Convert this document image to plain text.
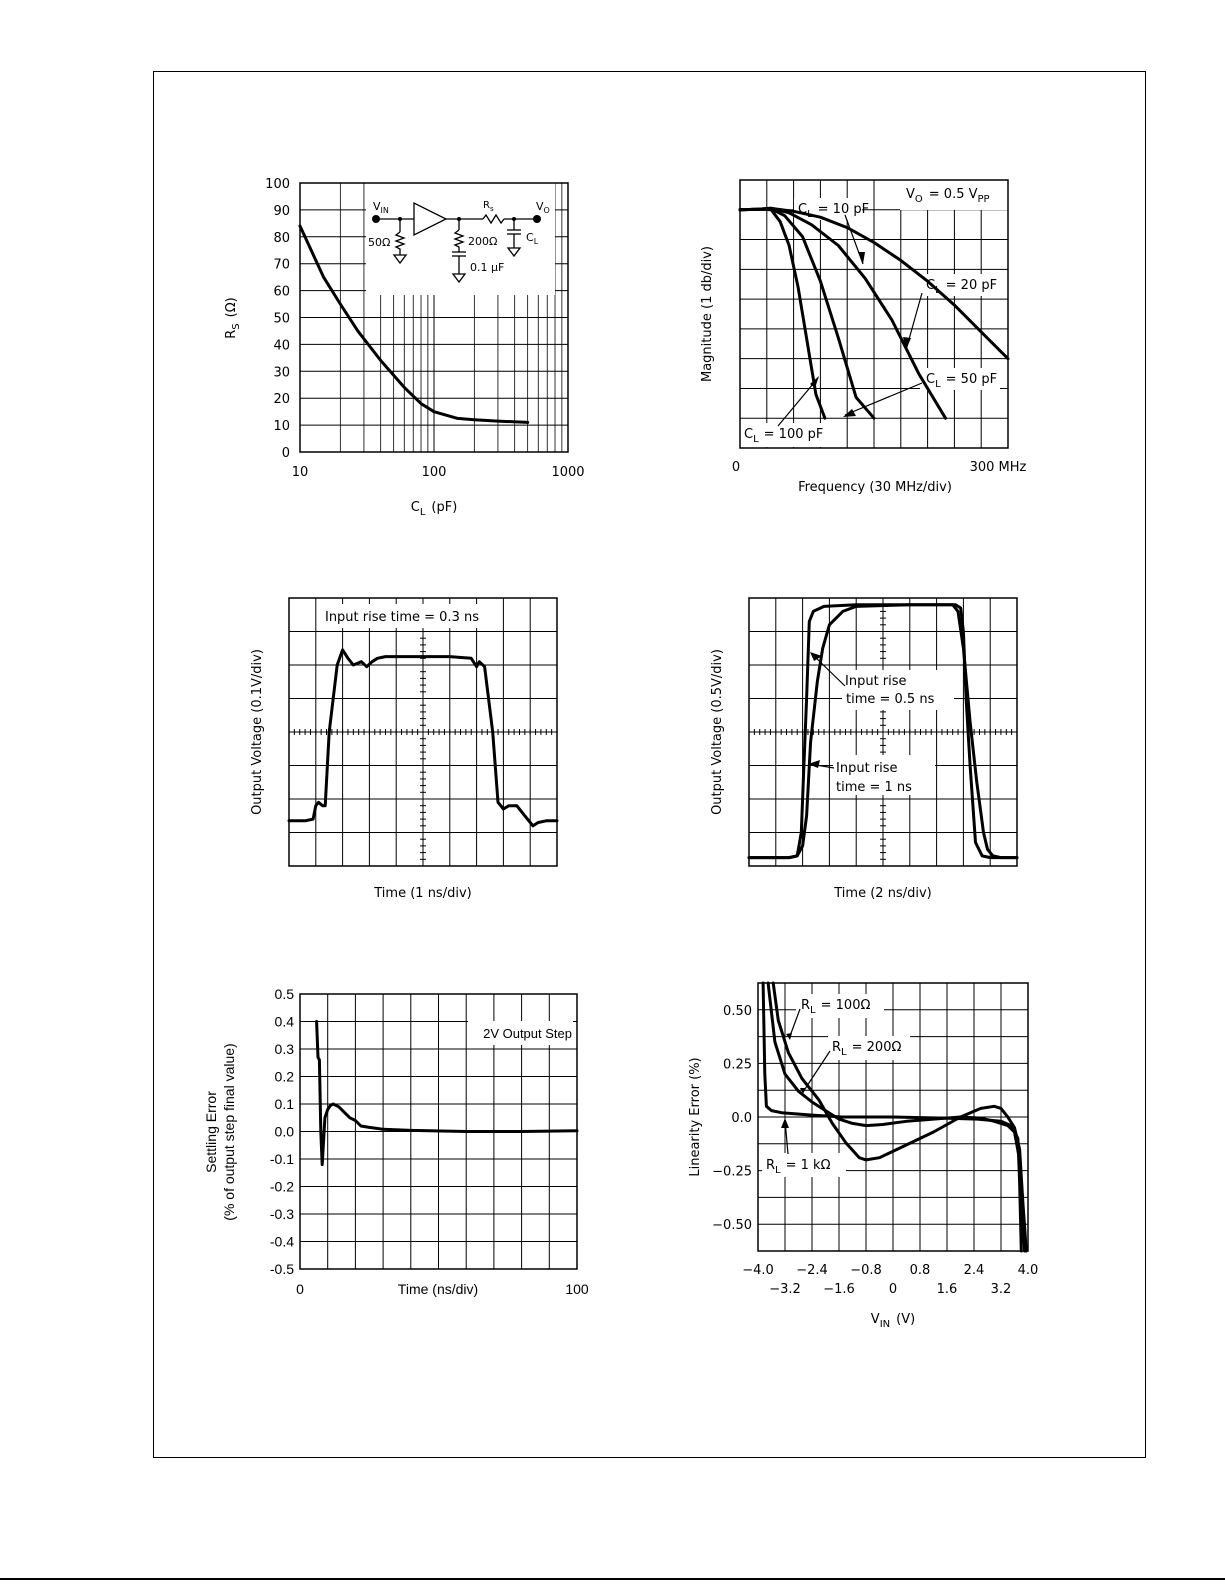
0
10
20
30
40
50
60
70
80
90
100
10	100	1000
$V_{IN}$
50Ω	200Ω
0.1 μF
$R_s$	$V_O$
$C_L$
$C_L$ (pF)
$R_S(\Omega)$
$C_L = 10$ pF
$C_L = 20$ pF
$C_L = 50$ pF
$C_L = 100$ pF
$V_O = 0.5$ $V_{PP}$
0	300 MHz
Frequency (30 MHz/div)
Magnitude (1 db/div)
Input rise time = 0.3 ns
Time (1 ns/div)
Output Voltage (0.1V/div)	Input rise
time = 0.5 ns
Input rise
time = 1 ns
Time (2 ns/div)
Output Voltage (0.5V/div)
0.5
0.4
0.3
0.2
0.1
0.0
-0.1
-0.2
-0.3
-0.4
-0.5
2V Output Step
0	100
Time (ns/div)
Settling Error (% of output step final value)
$R_L = 100\Omega$
$R_L = 200\Omega$
$R_L = 1$ kΩ
0.50
0.25
0.0
−0.25
−0.50
−4.0 −2.4 −0.8 0.8	2.4	4.0
−3.2 −1.6	0	1.6	3.2
$V_{IN}$ (V)
Linearity Error (%)
